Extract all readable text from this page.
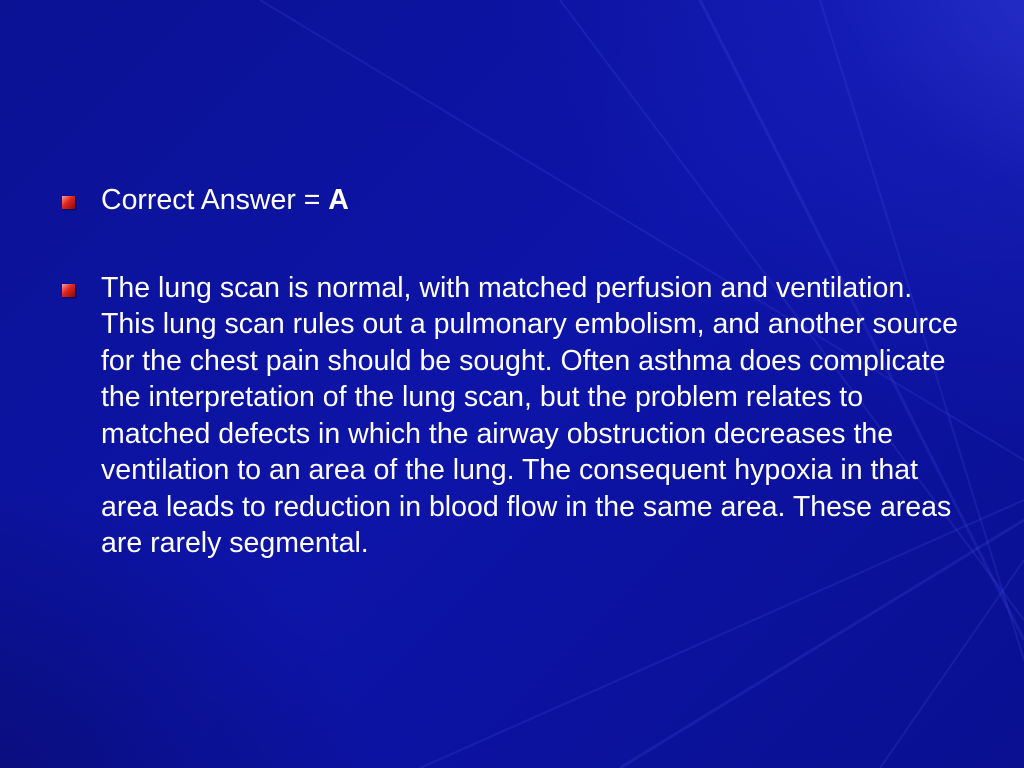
Correct Answer = A
The lung scan is normal, with matched perfusion and ventilation. This lung scan rules out a pulmonary embolism, and another source for the chest pain should be sought. Often asthma does complicate the interpretation of the lung scan, but the problem relates to matched defects in which the airway obstruction decreases the ventilation to an area of the lung. The consequent hypoxia in that area leads to reduction in blood flow in the same area. These areas are rarely segmental.
